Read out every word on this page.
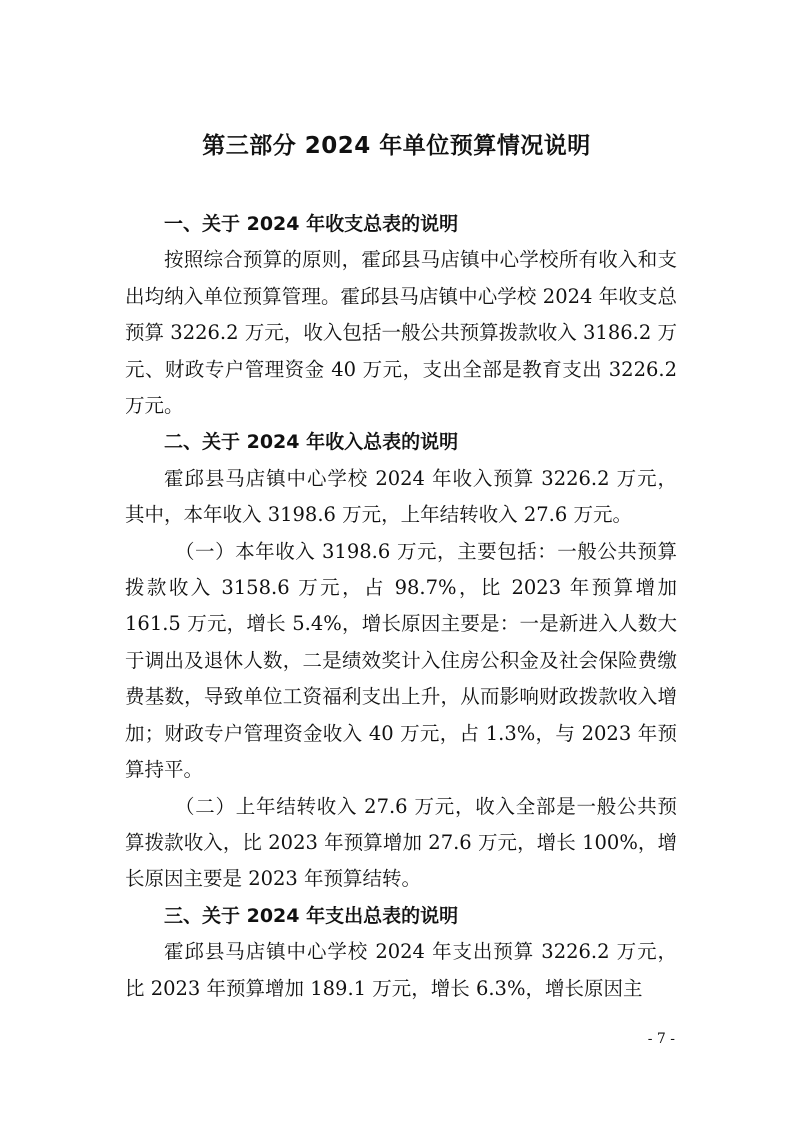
第三部分 2024 年单位预算情况说明

一、关于 2024 年收支总表的说明

按照综合预算的原则，霍邱县马店镇中心学校所有收入和支出均纳入单位预算管理。霍邱县马店镇中心学校 2024 年收支总预算 3226.2 万元，收入包括一般公共预算拨款收入 3186.2 万元、财政专户管理资金 40 万元，支出全部是教育支出 3226.2 万元。

二、关于 2024 年收入总表的说明

霍邱县马店镇中心学校 2024 年收入预算 3226.2 万元，其中，本年收入 3198.6 万元，上年结转收入 27.6 万元。

（一）本年收入 3198.6 万元，主要包括：一般公共预算拨款收入 3158.6 万元，占 98.7%，比 2023 年预算增加 161.5 万元，增长 5.4%，增长原因主要是：一是新进入人数大于调出及退休人数，二是绩效奖计入住房公积金及社会保险费缴费基数，导致单位工资福利支出上升，从而影响财政拨款收入增加；财政专户管理资金收入 40 万元，占 1.3%，与 2023 年预算持平。

（二）上年结转收入 27.6 万元，收入全部是一般公共预算拨款收入，比 2023 年预算增加 27.6 万元，增长 100%，增长原因主要是 2023 年预算结转。

三、关于 2024 年支出总表的说明

霍邱县马店镇中心学校 2024 年支出预算 3226.2 万元，比 2023 年预算增加 189.1 万元，增长 6.3%，增长原因主

- 7 -
